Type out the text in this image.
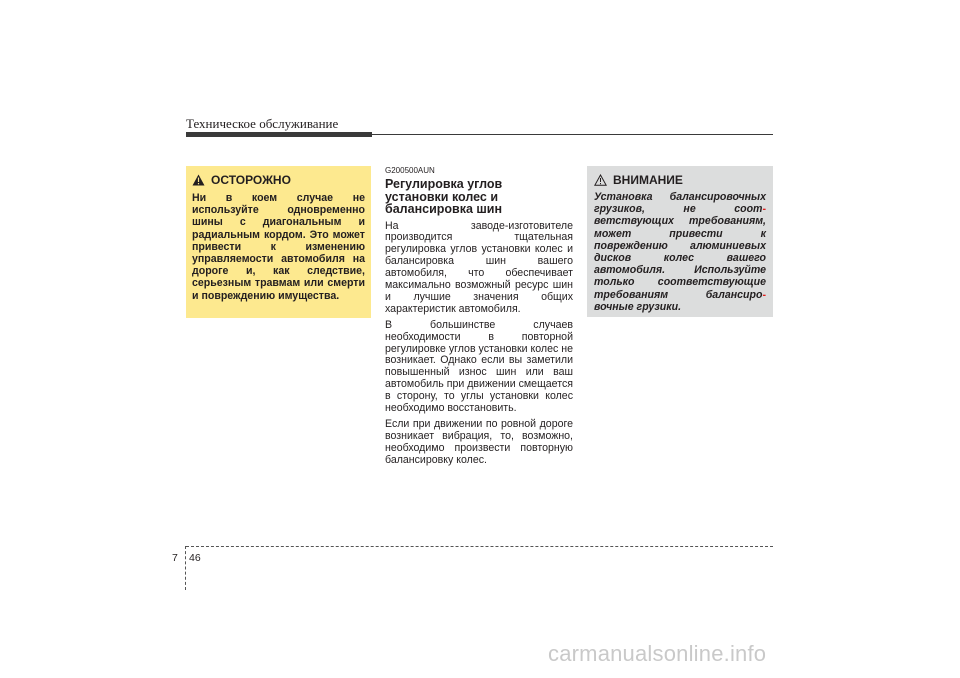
Техническое обслуживание
ОСТОРОЖНО
Ни в коем случае не используйте одновременно шины с диагональным и радиальным кордом. Это может привести к изменению управляемости автомобиля на дороге и, как следствие, серьезным травмам или смерти и повреждению имущества.
G200500AUN
Регулировка углов
установки колес и
балансировка шин
На заводе-изготовителе производится тщательная регулировка углов установки колес и балансировка шин вашего автомобиля, что обеспечивает максимально возможный ресурс шин и лучшие значения общих характеристик автомобиля.
В большинстве случаев необходимости в повторной регулировке углов установки колес не возникает. Однако если вы заметили повышенный износ шин или ваш автомобиль при движении смещается в сторону, то углы установки колес необходимо восстановить.
Если при движении по ровной дороге возникает вибрация, то, возможно, необходимо произвести повторную балансировку колес.
ВНИМАНИЕ
Установка балансировочных грузиков, не соот- ветствующих требованиям, может привести к повреждению алюминиевых дисков колес вашего автомобиля. Используйте только соответствующие требованиям балансиро- вочные грузики.
7 46
carmanualsonline.info
